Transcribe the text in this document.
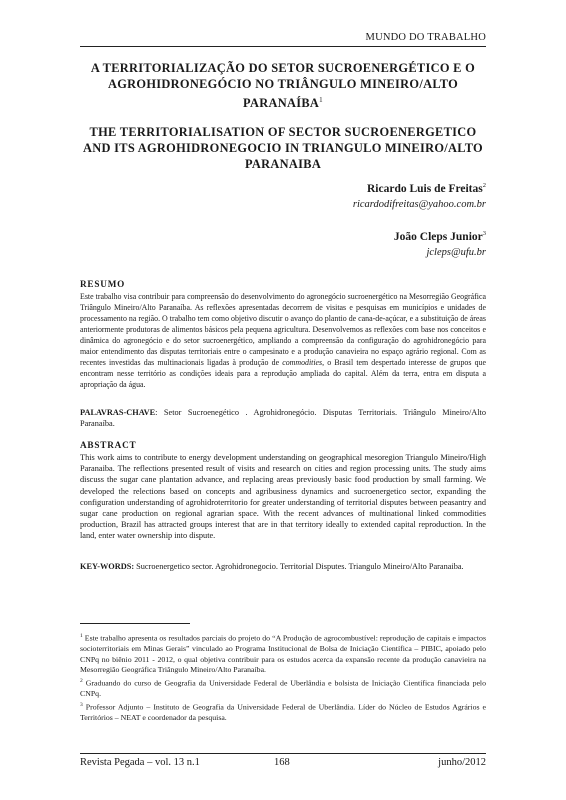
MUNDO DO TRABALHO
A TERRITORIALIZAÇÃO DO SETOR SUCROENERGÉTICO E O AGROHIDRONEGÓCIO NO TRIÂNGULO MINEIRO/ALTO PARANAÍBA$^1$
THE TERRITORIALISATION OF SECTOR SUCROENERGETICO AND ITS AGROHIDRONEGOCIO IN TRIANGULO MINEIRO/ALTO PARANAIBA
Ricardo Luis de Freitas$^2$
ricardodifreitas@yahoo.com.br
João Cleps Junior$^3$
jcleps@ufu.br
RESUMO
Este trabalho visa contribuir para compreensão do desenvolvimento do agronegócio sucroenergético na Mesorregião Geográfica Triângulo Mineiro/Alto Paranaíba. As reflexões apresentadas decorrem de visitas e pesquisas em municípios e unidades de processamento na região. O trabalho tem como objetivo discutir o avanço do plantio de cana-de-açúcar, e a substituição de áreas anteriormente produtoras de alimentos básicos pela pequena agricultura. Desenvolvemos as reflexões com base nos conceitos e dinâmica do agronegócio e do setor sucroenergético, ampliando a compreensão da configuração do agrohidronegócio para maior entendimento das disputas territoriais entre o campesinato e a produção canavieira no espaço agrário regional. Com as recentes investidas das multinacionais ligadas à produção de commodities, o Brasil tem despertado interesse de grupos que encontram nesse território as condições ideais para a reprodução ampliada do capital. Além da terra, entra em disputa a apropriação da água.
PALAVRAS-CHAVE: Setor Sucroenegético . Agrohidronegócio. Disputas Territoriais. Triângulo Mineiro/Alto Paranaíba.
ABSTRACT
This work aims to contribute to energy development understanding on geographical mesoregion Triangulo Mineiro/High Paranaiba. The reflections presented result of visits and research on cities and region processing units. The study aims discuss the sugar cane plantation advance, and replacing areas previously basic food production by small farming. We developed the relections based on concepts and agribusiness dynamics and sucroenergetico sector, expanding the configuration understanding of agrohidroterritorio for greater understanding of territorial disputes between peasantry and sugar cane production on regional agrarian space. With the recent advances of multinational linked commodities production, Brazil has attracted groups interest that are in that territory ideally to extended capital reproduction. In the land, enter water ownership into dispute.
KEY-WORDS: Sucroenergetico sector. Agrohidronegocio. Territorial Disputes. Triangulo Mineiro/Alto Paranaiba.

$^1$ Este trabalho apresenta os resultados parciais do projeto do “A Produção de agrocombustível: reprodução de capitais e impactos socioterritoriais em Minas Gerais” vinculado ao Programa Institucional de Bolsa de Iniciação Científica – PIBIC, apoiado pelo CNPq no biênio 2011 - 2012, o qual objetiva contribuir para os estudos acerca da expansão recente da produção canavieira na Mesorregião Geográfica Triângulo Mineiro/Alto Paranaíba.

$^2$ Graduando do curso de Geografia da Universidade Federal de Uberlândia e bolsista de Iniciação Científica financiada pelo CNPq.

$^3$ Professor Adjunto – Instituto de Geografia da Universidade Federal de Uberlândia. Líder do Núcleo de Estudos Agrários e Territórios – NEAT e coordenador da pesquisa.

Revista Pegada – vol. 13 n.1	168	junho/2012
